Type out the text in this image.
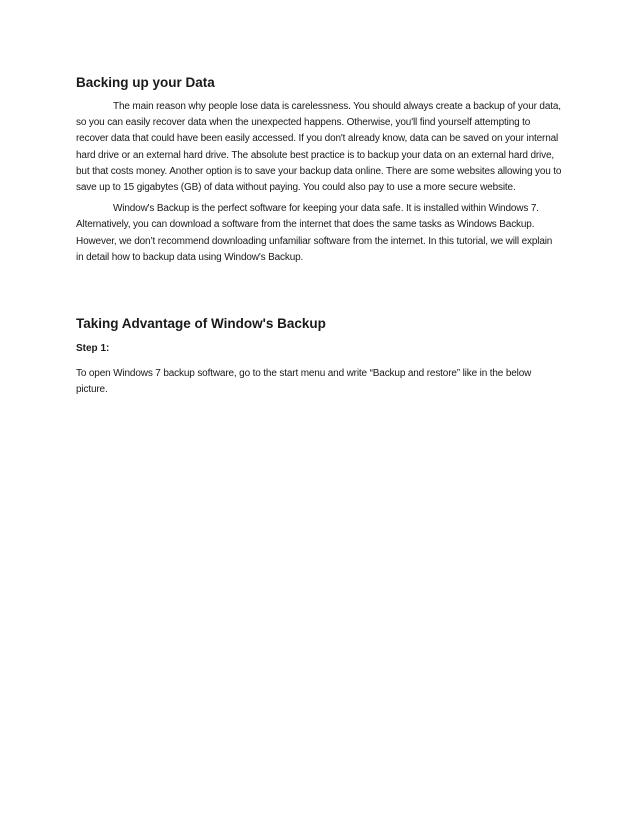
Backing up your Data

The main reason why people lose data is carelessness. You should always create a backup of your data, so you can easily recover data when the unexpected happens. Otherwise, you'll find yourself attempting to recover data that could have been easily accessed. If you don't already know, data can be saved on your internal hard drive or an external hard drive. The absolute best practice is to backup your data on an external hard drive, but that costs money. Another option is to save your backup data online. There are some websites allowing you to save up to 15 gigabytes (GB) of data without paying. You could also pay to use a more secure website.

Window's Backup is the perfect software for keeping your data safe. It is installed within Windows 7. Alternatively, you can download a software from the internet that does the same tasks as Windows Backup. However, we don’t recommend downloading unfamiliar software from the internet. In this tutorial, we will explain in detail how to backup data using Window's Backup.

Taking Advantage of Window's Backup
Step 1:

To open Windows 7 backup software, go to the start menu and write “Backup and restore” like in the below picture.
